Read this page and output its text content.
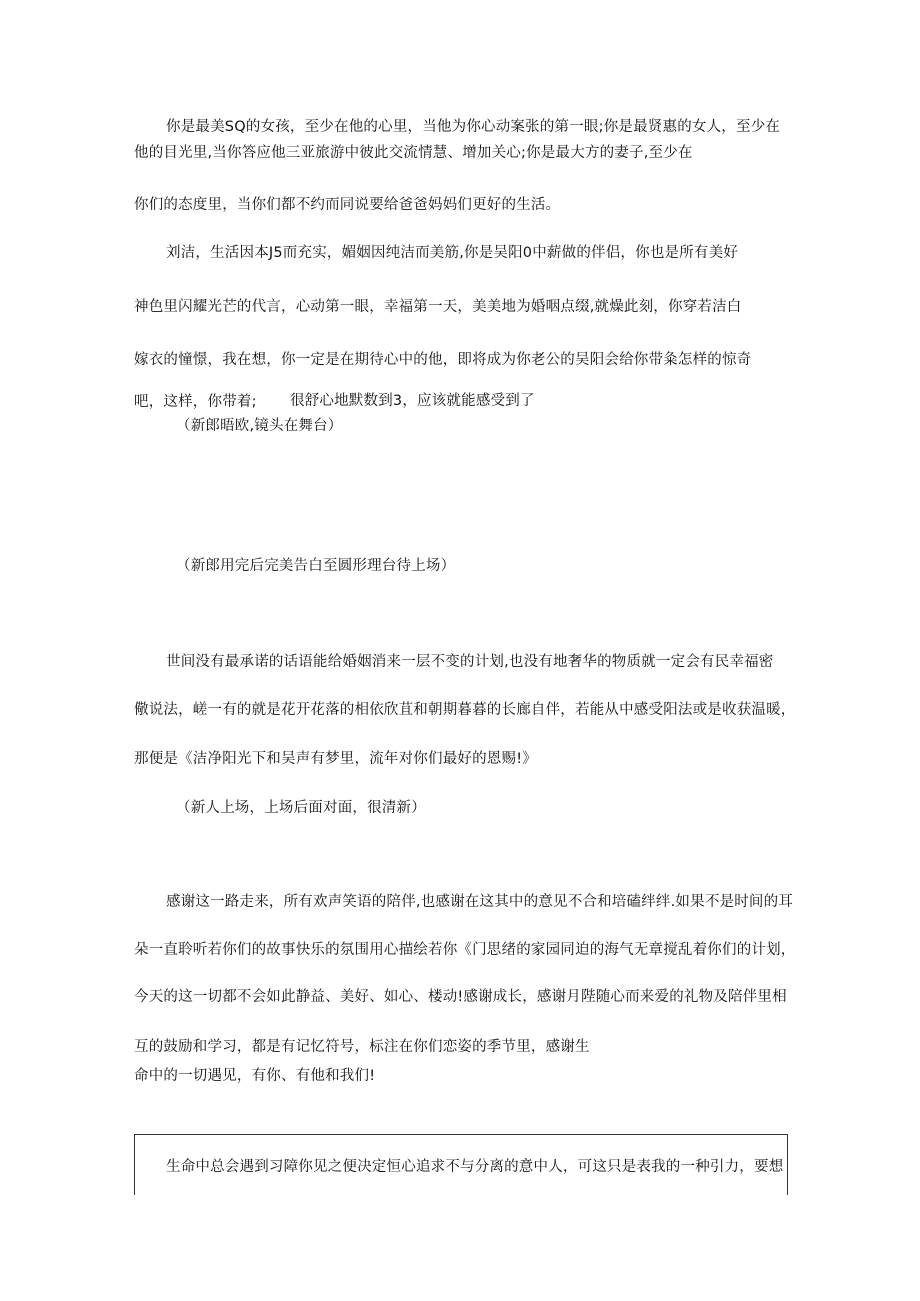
你是最美SQ的女孩，至少在他的心里，当他为你心动案张的第一眼;你是最贤惠的女人，至少在
他的目光里,当你答应他三亚旅游中彼此交流情慧、增加关心;你是最大方的妻子,至少在
你们的态度里，当你们都不约而同说要给爸爸妈妈们更好的生活。
刘洁，生活因本J5而充实，媚姻因纯洁而美筋,你是吴阳0中薪做的伴侣，你也是所有美好
神色里闪耀光芒的代言，心动第一眼，幸福第一天，美美地为婚咽点缀,就燥此刻，你穿若洁白
嫁衣的憧憬，我在想，你一定是在期待心中的他，即将成为你老公的吴阳会给你带粂怎样的惊奇
吧，这样，你带着; 很舒心地默数到3，应该就能感受到了
（新郎晤欧,镜头在舞台）
（新郎用完后完美告白至圆形理台待上场）
世间没有最承诺的话语能给婚姻消来一层不变的计划,也没有地奢华的物质就一定会有民幸福密
儆说法，嵯一有的就是花开花落的相依欣苴和朝期暮暮的长廊自伴，若能从中感受阳法或是收获温暖，
那便是《洁净阳光下和吴声有梦里，流年对你们最好的恩赐!》
（新人上场，上场后面对面，很清新）
感谢这一路走来，所有欢声笑语的陪伴,也感谢在这其中的意见不合和培磕绊绊.如果不是时间的耳
朵一直聆听若你们的故事快乐的氛围用心描绘若你《门思绪的家园同迫的海气无章搅乱着你们的计划，
今天的这一切都不会如此静益、美好、如心、楼动!感谢成长，感谢月陛随心而来爱的礼物及陪伴里相
互的鼓励和学习，都是有记忆符号，标注在你们恋姿的季节里，感谢生
命中的一切遇见，有你、有他和我们!
生命中总会遇到习障你见之便决定恒心追求不与分离的意中人，可这只是表我的一种引力，要想
